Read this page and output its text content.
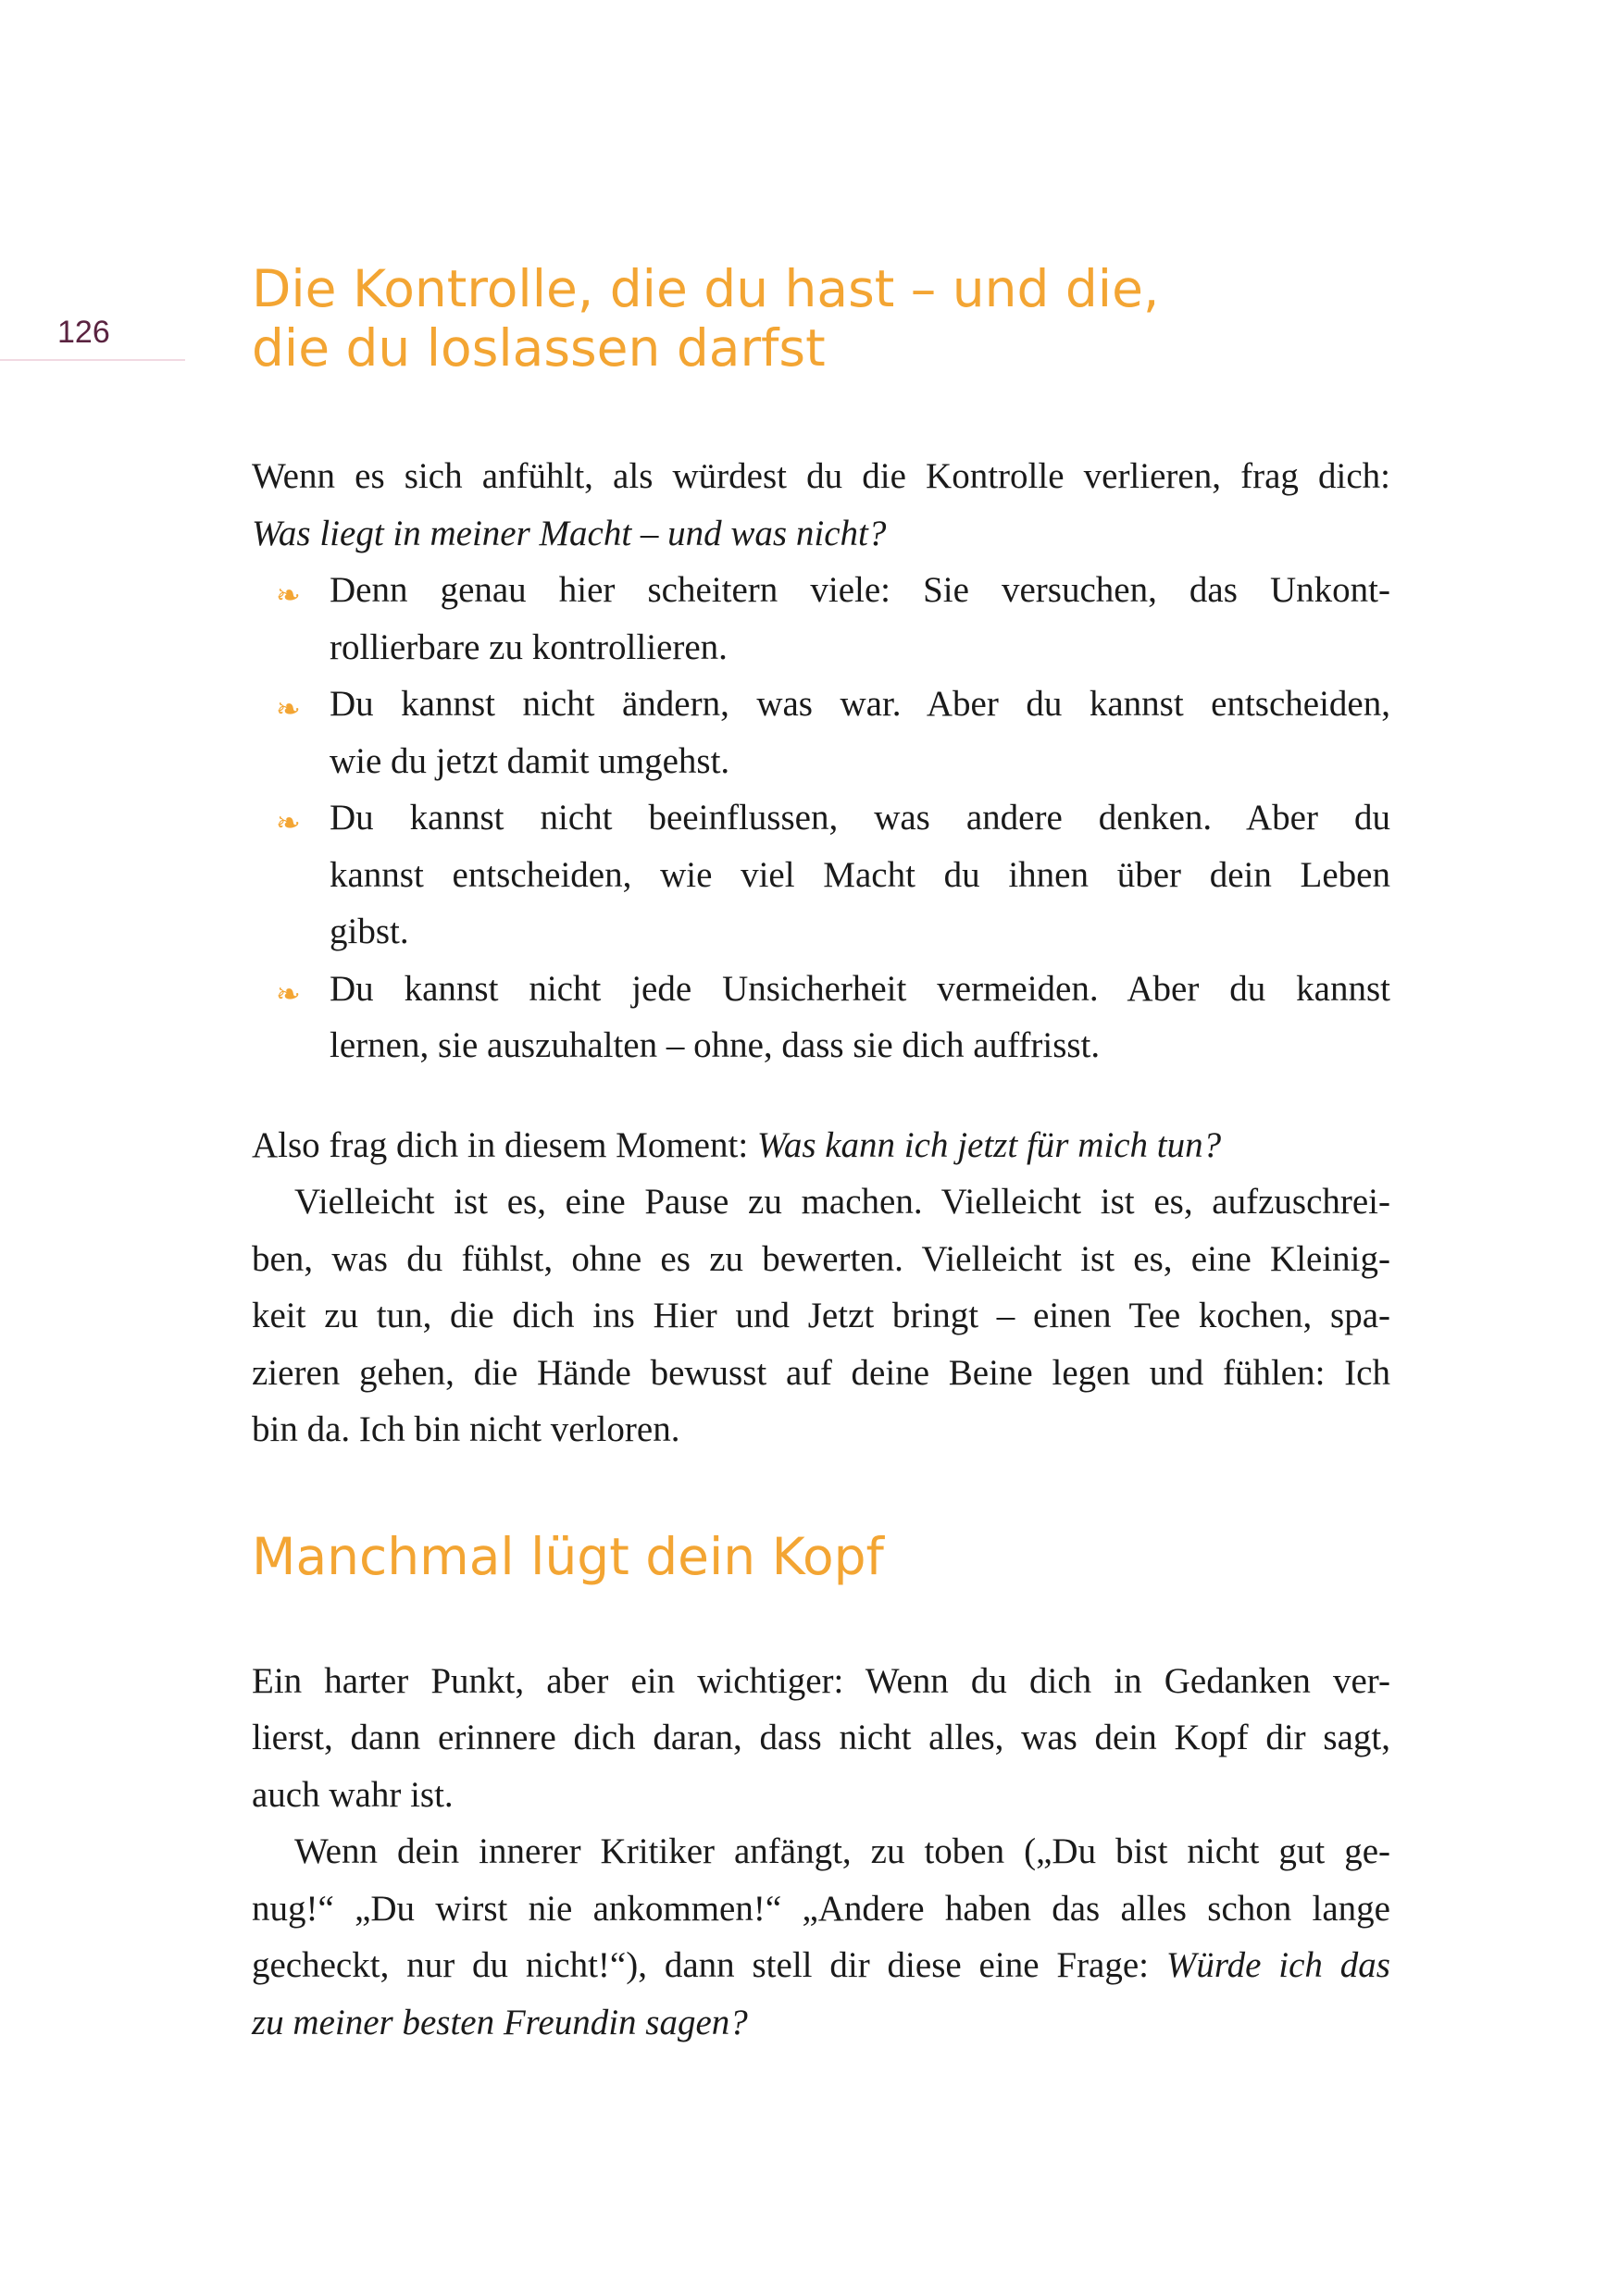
126
Die Kontrolle, die du hast – und die,
die du loslassen darfst

Wenn es sich anfühlt, als würdest du die Kontrolle verlieren, frag dich:
Was liegt in meiner Macht – und was nicht?

❧ Denn genau hier scheitern viele: Sie versuchen, das Unkont-
rollierbare zu kontrollieren.
❧ Du kannst nicht ändern, was war. Aber du kannst entscheiden,
wie du jetzt damit umgehst.
❧ Du kannst nicht beeinflussen, was andere denken. Aber du
kannst entscheiden, wie viel Macht du ihnen über dein Leben
gibst.
❧ Du kannst nicht jede Unsicherheit vermeiden. Aber du kannst
lernen, sie auszuhalten – ohne, dass sie dich auffrisst.

Also frag dich in diesem Moment: Was kann ich jetzt für mich tun?

Vielleicht ist es, eine Pause zu machen. Vielleicht ist es, aufzuschrei-
ben, was du fühlst, ohne es zu bewerten. Vielleicht ist es, eine Kleinig-
keit zu tun, die dich ins Hier und Jetzt bringt – einen Tee kochen, spa-
zieren gehen, die Hände bewusst auf deine Beine legen und fühlen: Ich
bin da. Ich bin nicht verloren.

Manchmal lügt dein Kopf

Ein harter Punkt, aber ein wichtiger: Wenn du dich in Gedanken ver-
lierst, dann erinnere dich daran, dass nicht alles, was dein Kopf dir sagt,
auch wahr ist.

Wenn dein innerer Kritiker anfängt, zu toben („Du bist nicht gut ge-
nug!“ „Du wirst nie ankommen!“ „Andere haben das alles schon lange
gecheckt, nur du nicht!“), dann stell dir diese eine Frage: Würde ich das
zu meiner besten Freundin sagen?
